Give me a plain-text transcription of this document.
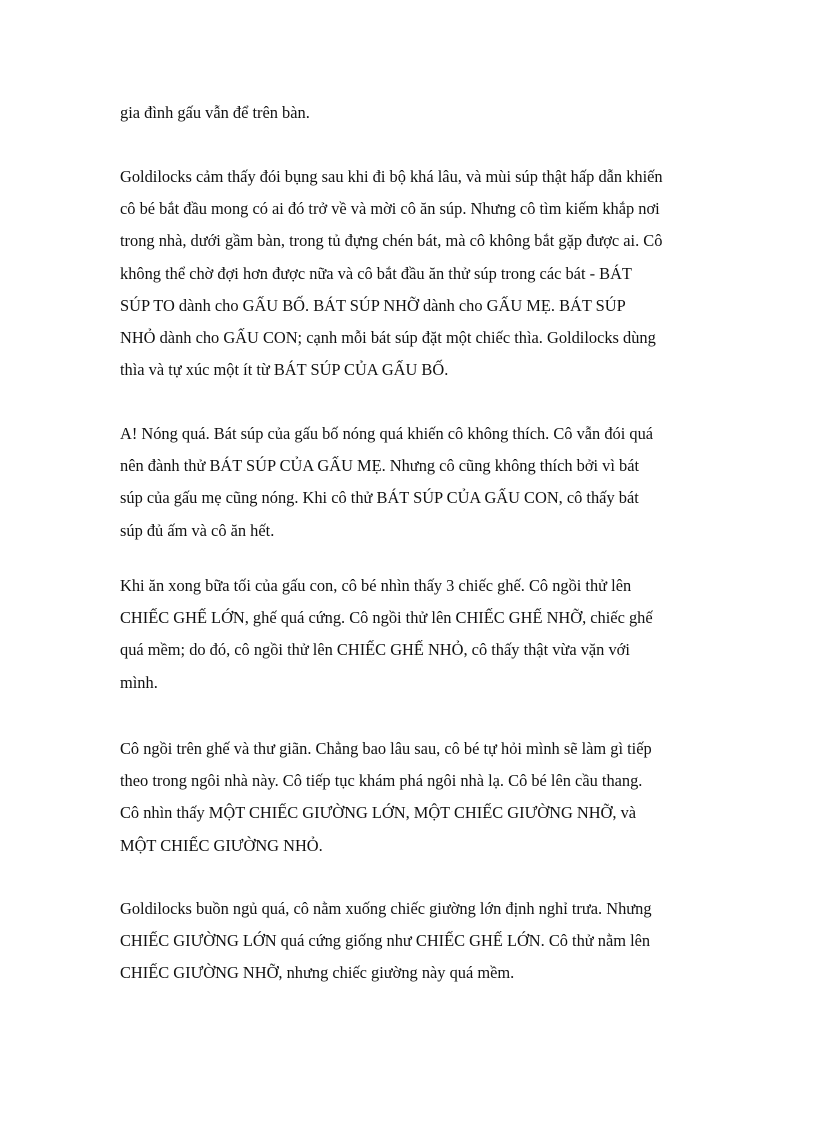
gia đình gấu vẫn để trên bàn.

Goldilocks cảm thấy đói bụng sau khi đi bộ khá lâu, và mùi súp thật hấp dẫn khiến
cô bé bắt đầu mong có ai đó trở về và mời cô ăn súp. Nhưng cô tìm kiếm khắp nơi
trong nhà, dưới gầm bàn, trong tủ đựng chén bát, mà cô không bắt gặp được ai. Cô
không thể chờ đợi hơn được nữa và cô bắt đầu ăn thử súp trong các bát - BÁT
SÚP TO dành cho GẤU BỐ. BÁT SÚP NHỠ dành cho GẤU MẸ. BÁT SÚP
NHỎ dành cho GẤU CON; cạnh mỗi bát súp đặt một chiếc thìa. Goldilocks dùng
thìa và tự xúc một ít từ BÁT SÚP CỦA GẤU BỐ.

A! Nóng quá. Bát súp của gấu bố nóng quá khiến cô không thích. Cô vẫn đói quá
nên đành thử BÁT SÚP CỦA GẤU MẸ. Nhưng cô cũng không thích bởi vì bát
súp của gấu mẹ cũng nóng. Khi cô thử BÁT SÚP CỦA GẤU CON, cô thấy bát
súp đủ ấm và cô ăn hết.

Khi ăn xong bữa tối của gấu con, cô bé nhìn thấy 3 chiếc ghế. Cô ngồi thử lên
CHIẾC GHẾ LỚN, ghế quá cứng. Cô ngồi thử lên CHIẾC GHẾ NHỠ, chiếc ghế
quá mềm; do đó, cô ngồi thử lên CHIẾC GHẾ NHỎ, cô thấy thật vừa vặn với
mình.

Cô ngồi trên ghế và thư giãn. Chẳng bao lâu sau, cô bé tự hỏi mình sẽ làm gì tiếp
theo trong ngôi nhà này. Cô tiếp tục khám phá ngôi nhà lạ. Cô bé lên cầu thang.
Cô nhìn thấy MỘT CHIẾC GIƯỜNG LỚN, MỘT CHIẾC GIƯỜNG NHỠ, và
MỘT CHIẾC GIƯỜNG NHỎ.

Goldilocks buồn ngủ quá, cô nằm xuống chiếc giường lớn định nghỉ trưa. Nhưng
CHIẾC GIƯỜNG LỚN quá cứng giống như CHIẾC GHẾ LỚN. Cô thử nằm lên
CHIẾC GIƯỜNG NHỠ, nhưng chiếc giường này quá mềm.
